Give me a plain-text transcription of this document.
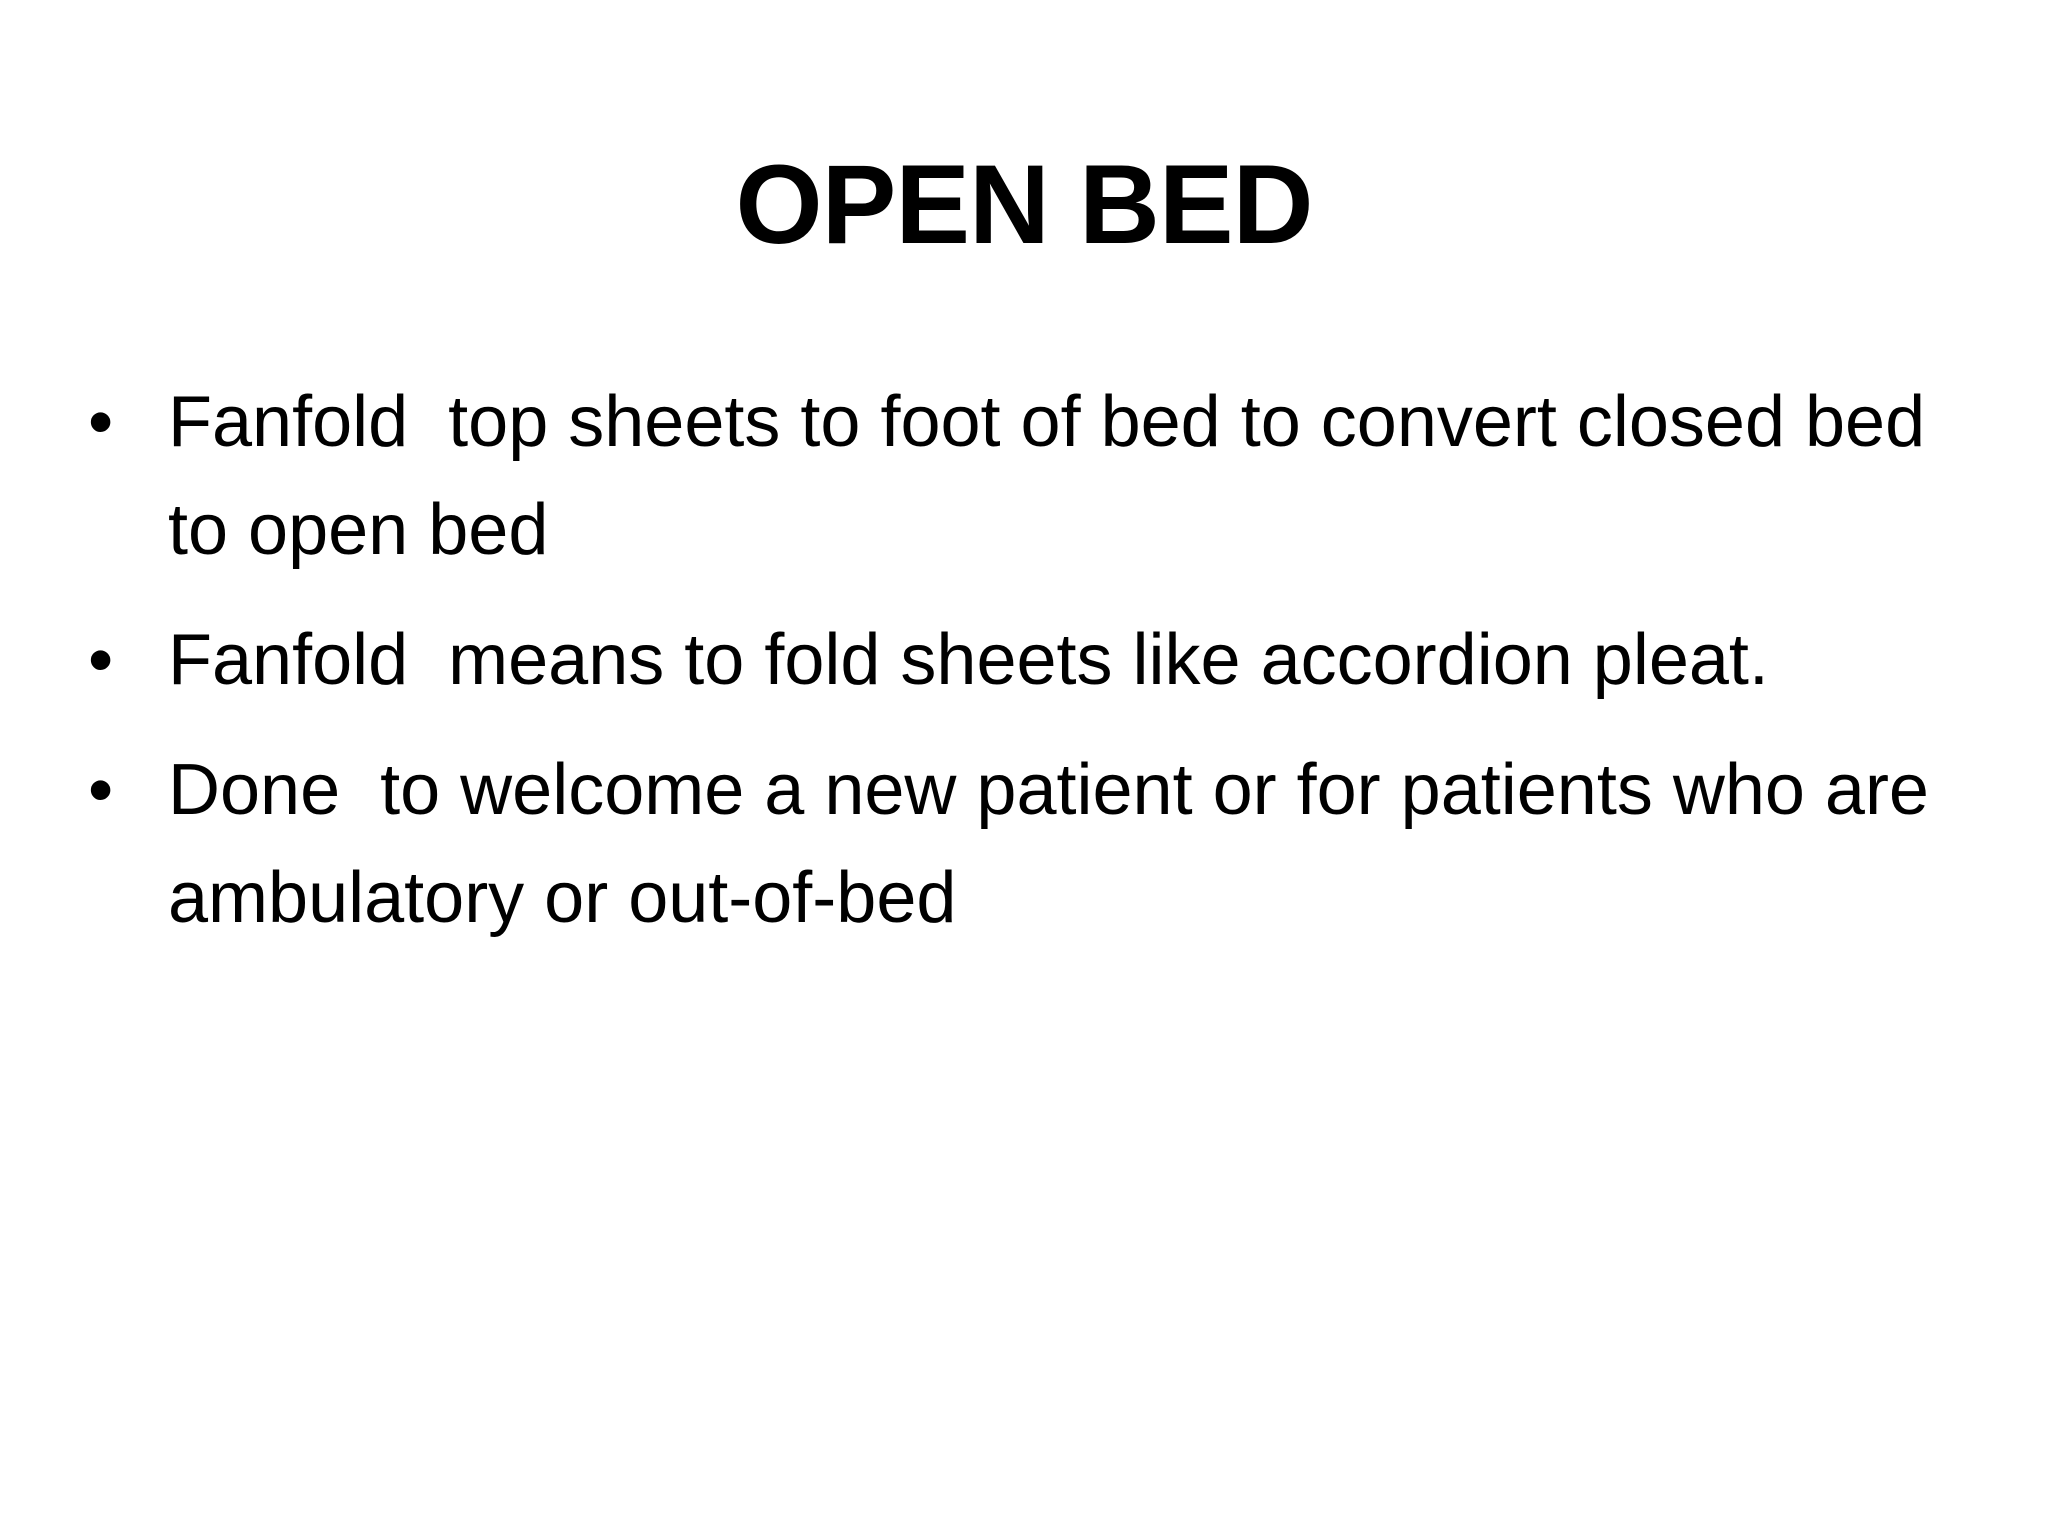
OPEN BED
• Fanfold  top sheets to foot of bed to convert closed bed to open bed
• Fanfold  means to fold sheets like accordion pleat.
• Done  to welcome a new patient or for patients who are ambulatory or out-of-bed
